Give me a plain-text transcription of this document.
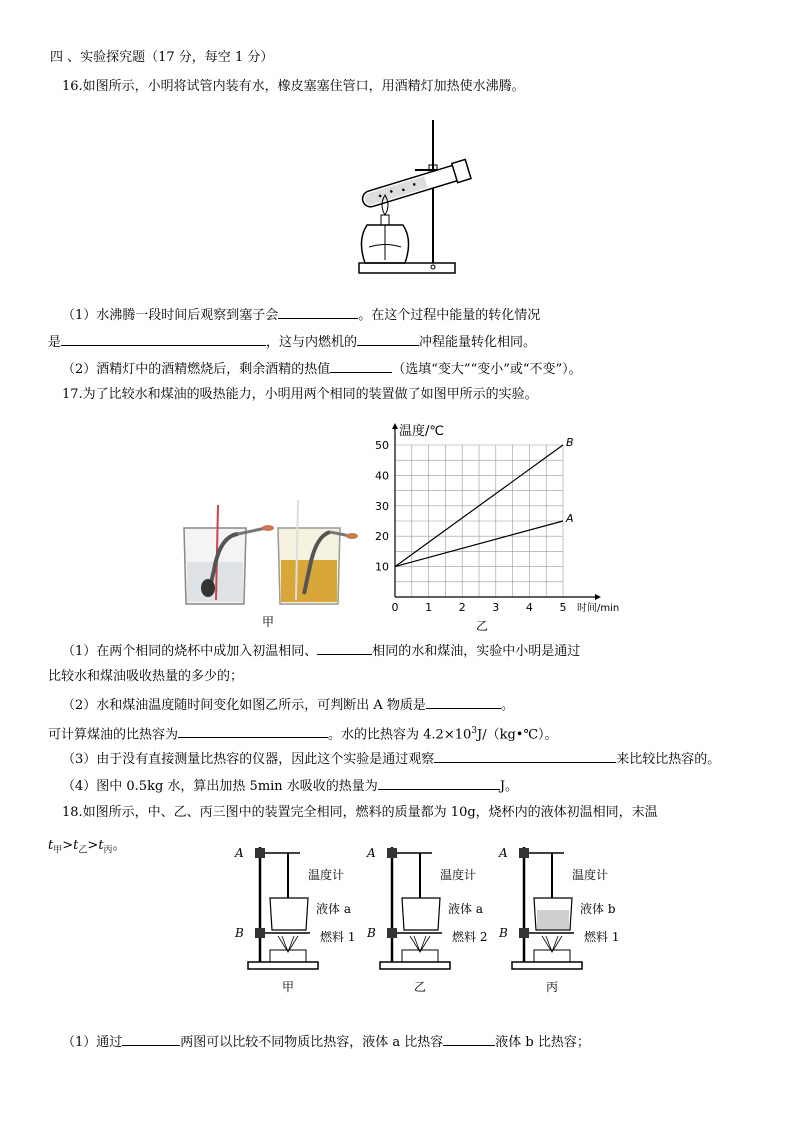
四 、实验探究题（17 分，每空 1 分）
16.如图所示，小明将试管内装有水，橡皮塞塞住管口，用酒精灯加热使水沸腾。
（1）水沸腾一段时间后观察到塞子会	。在这个过程中能量的转化情况
是	，这与内燃机的	冲程能量转化相同。
（2）酒精灯中的酒精燃烧后，剩余酒精的热值	（选填“变大”“变小”或“不变”）。
17.为了比较水和煤油的吸热能力，小明用两个相同的装置做了如图甲所示的实验。
甲
0 1 2 3 4 5
10
20
30
40
50
温度/℃
时间/min
B
A
乙
（1）在两个相同的烧杯中成加入初温相同、	相同的水和煤油，实验中小明是通过
比较水和煤油吸收热量的多少的；
（2）水和煤油温度随时间变化如图乙所示，可判断出 A 物质是	。
可计算煤油的比热容为	。水的比热容为 $4.2\times 10^3J/(kg•℃)$。
（3）由于没有直接测量比热容的仪器，因此这个实验是通过观察	来比较比热容的。
（4）图中 0.5kg 水，算出加热 5min 水吸收的热量为	J。
18.如图所示，中、乙、丙三图中的装置完全相同，燃料的质量都为 10g，烧杯内的液体初温相同，末温
$t_甲>t_乙>t_丙$。
（1）通过	两图可以比较不同物质比热容，液体 a 比热容	液体 b 比热容；
A
B
温度计
液体 a
燃料 1
甲
A
B
温度计
液体 a
燃料 2
乙
A
B
温度计
液体 b
燃料 1
丙
